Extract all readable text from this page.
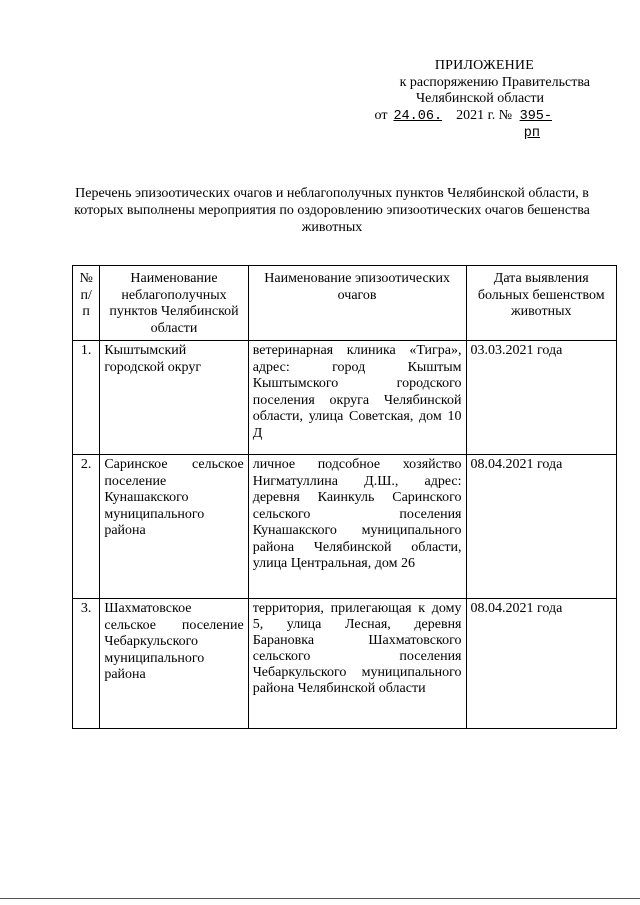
ПРИЛОЖЕНИЕ
к распоряжению Правительства
Челябинской области
от 24.06. 2021 г. № 395-рп
Перечень эпизоотических очагов и неблагополучных пунктов Челябинской области, в которых выполнены мероприятия по оздоровлению эпизоотических очагов бешенства животных
№ п/п	Наименование неблагополучных пунктов Челябинской области	Наименование эпизоотических очагов	Дата выявления больных бешенством животных
1.	Кыштымский городской округ	ветеринарная клиника «Тигра», адрес: город Кыштым Кыштымского городского поселения округа Челябинской области, улица Советская, дом 10 Д	03.03.2021 года
2.	Саринское сельское поселение Кунашакского муниципального района	личное подсобное хозяйство Нигматуллина Д.Ш., адрес: деревня Каинкуль Саринского сельского поселения Кунашакского муниципального района Челябинской области, улица Центральная, дом 26	08.04.2021 года
3.	Шахматовское сельское поселение Чебаркульского муниципального района	территория, прилегающая к дому 5, улица Лесная, деревня Барановка Шахматовского сельского поселения Чебаркульского муниципального района Челябинской области	08.04.2021 года
